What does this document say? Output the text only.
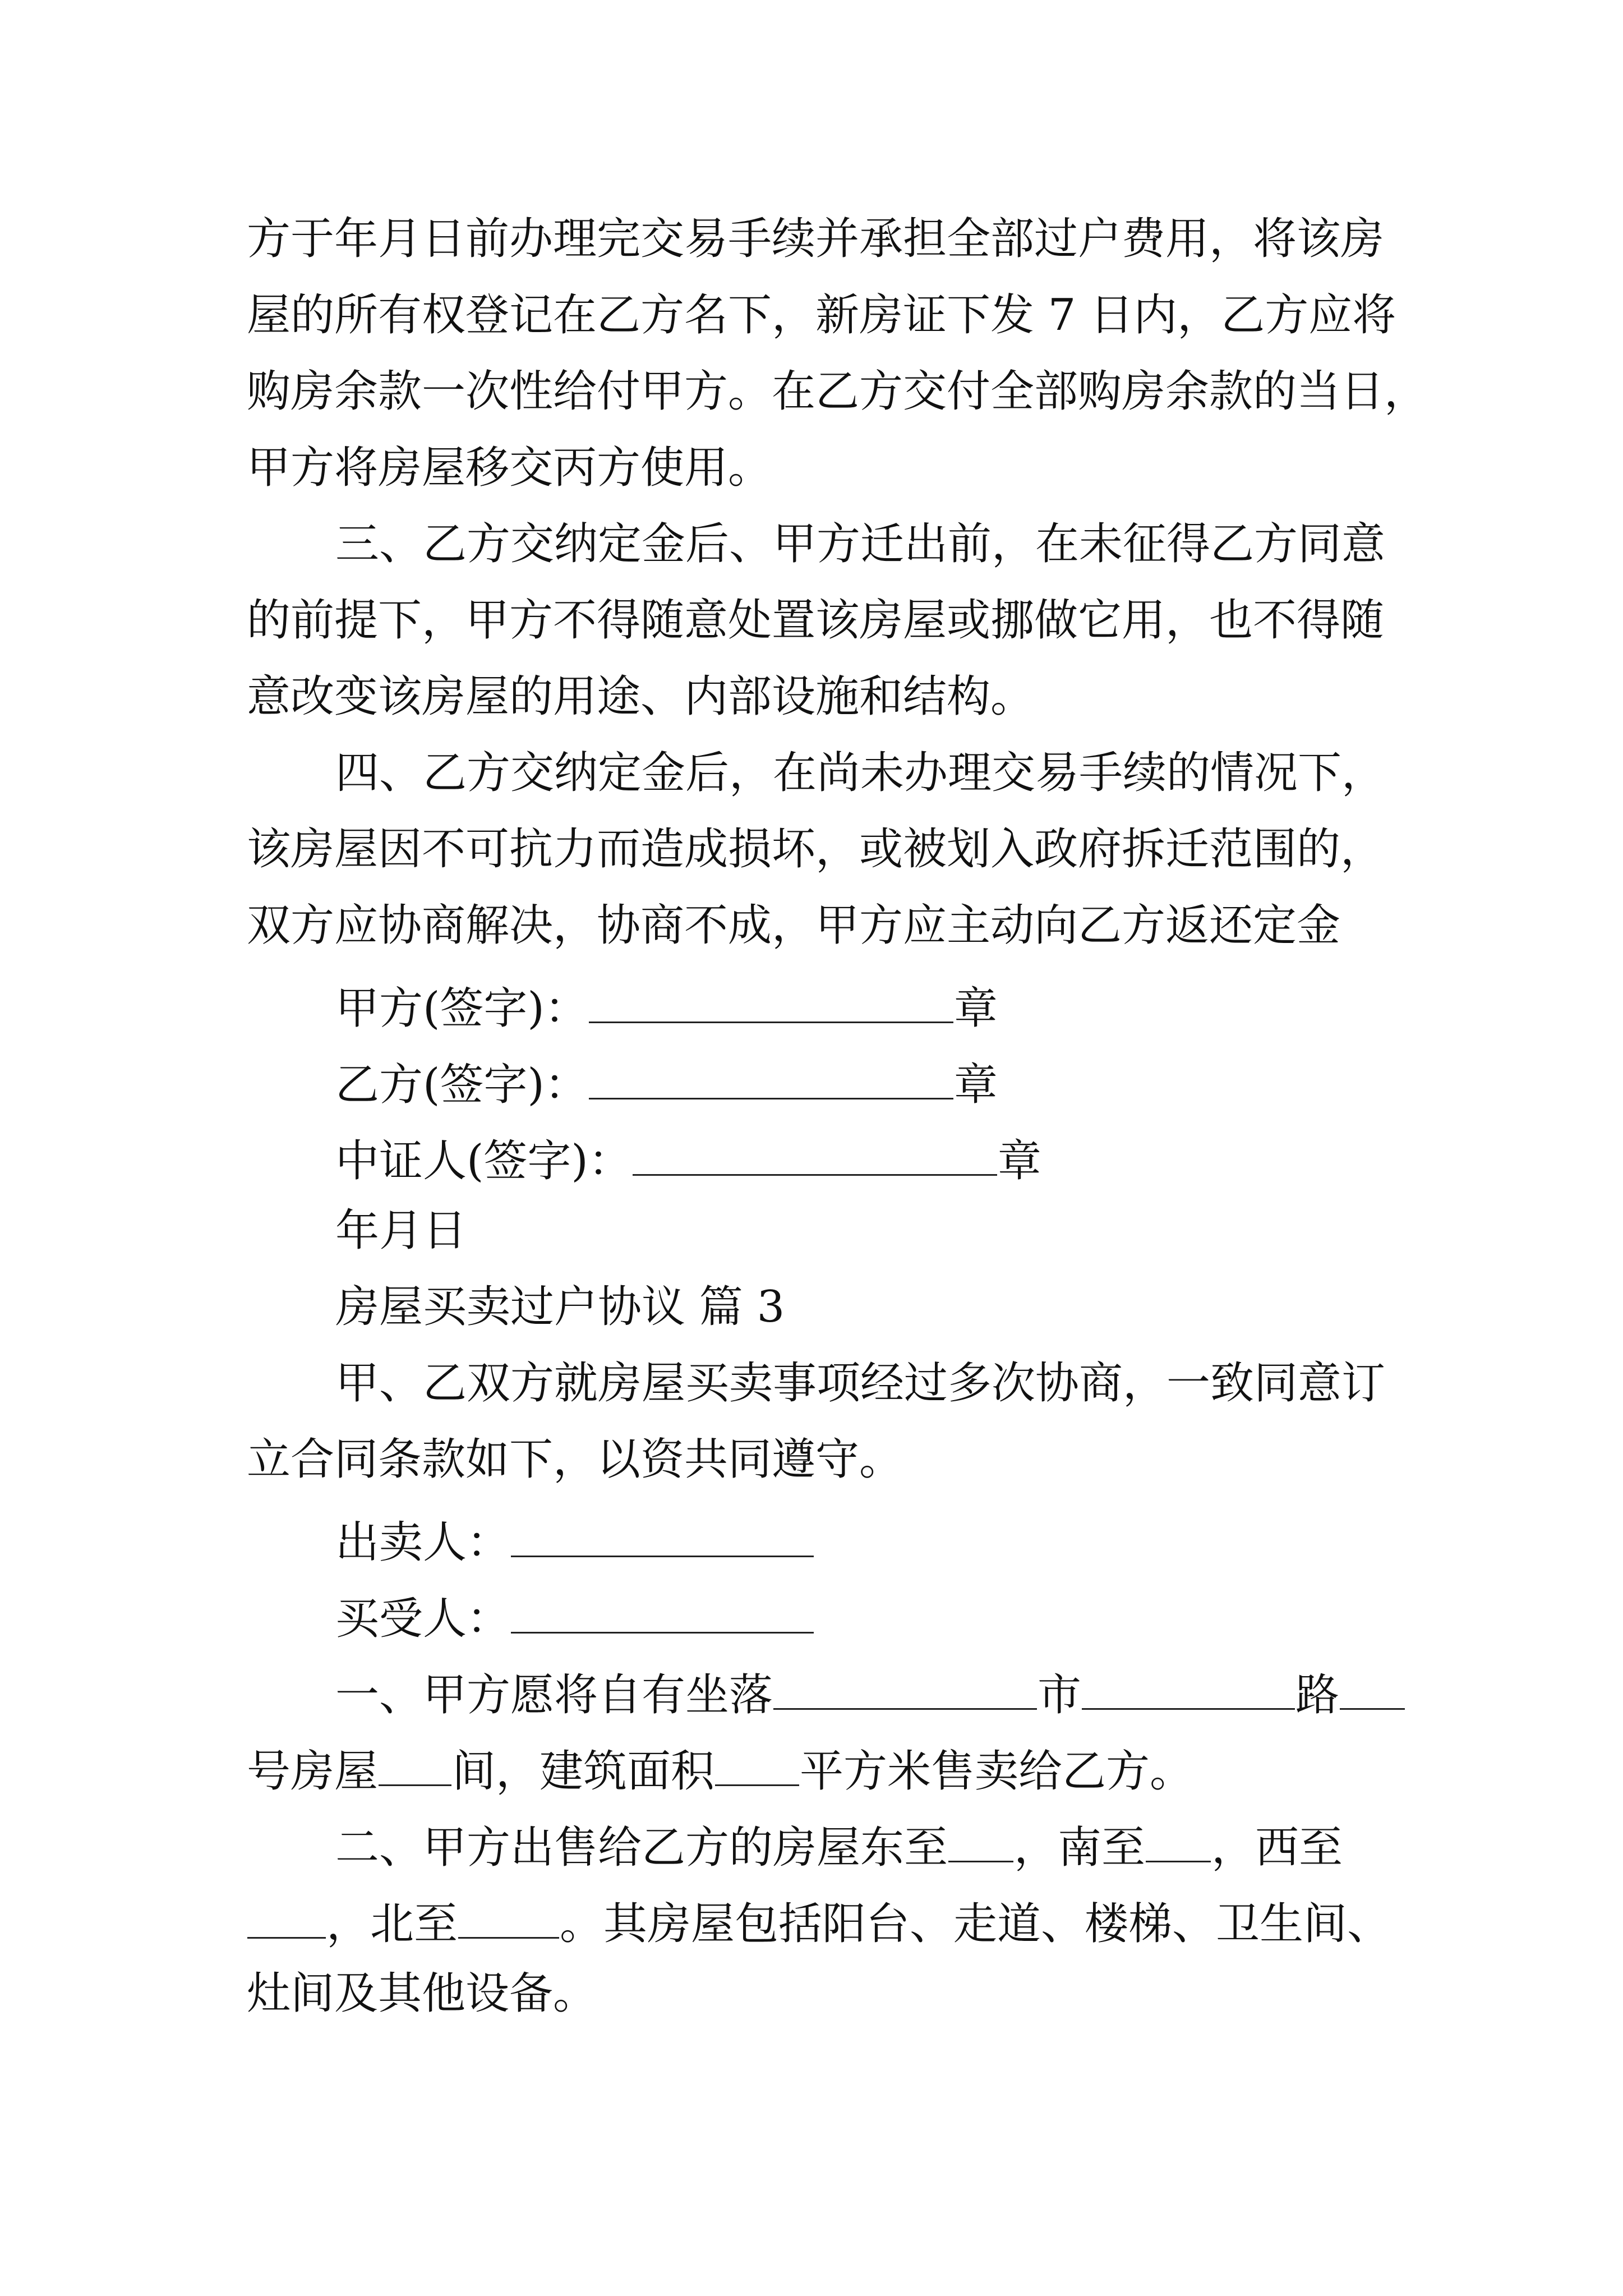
方于年月日前办理完交易手续并承担全部过户费用，将该房
屋的所有权登记在乙方名下，新房证下发 7 日内，乙方应将
购房余款一次性给付甲方。在乙方交付全部购房余款的当日，
甲方将房屋移交丙方使用。
三、乙方交纳定金后、甲方迁出前，在未征得乙方同意
的前提下，甲方不得随意处置该房屋或挪做它用，也不得随
意改变该房屋的用途、内部设施和结构。
四、乙方交纳定金后，在尚未办理交易手续的情况下，
该房屋因不可抗力而造成损坏，或被划入政府拆迁范围的，
双方应协商解决，协商不成，甲方应主动向乙方返还定金
甲方(签字)：	章
乙方(签字)：	章
中证人(签字)：	章
年月日
房屋买卖过户协议 篇 3
甲、乙双方就房屋买卖事项经过多次协商，一致同意订
立合同条款如下，以资共同遵守。
出卖人：
买受人：
一、甲方愿将自有坐落	市	路
号房屋 间，建筑面积 平方米售卖给乙方。
二、甲方出售给乙方的房屋东至 ，南至 ，西至
，北至 。其房屋包括阳台、走道、楼梯、卫生间、
灶间及其他设备。
